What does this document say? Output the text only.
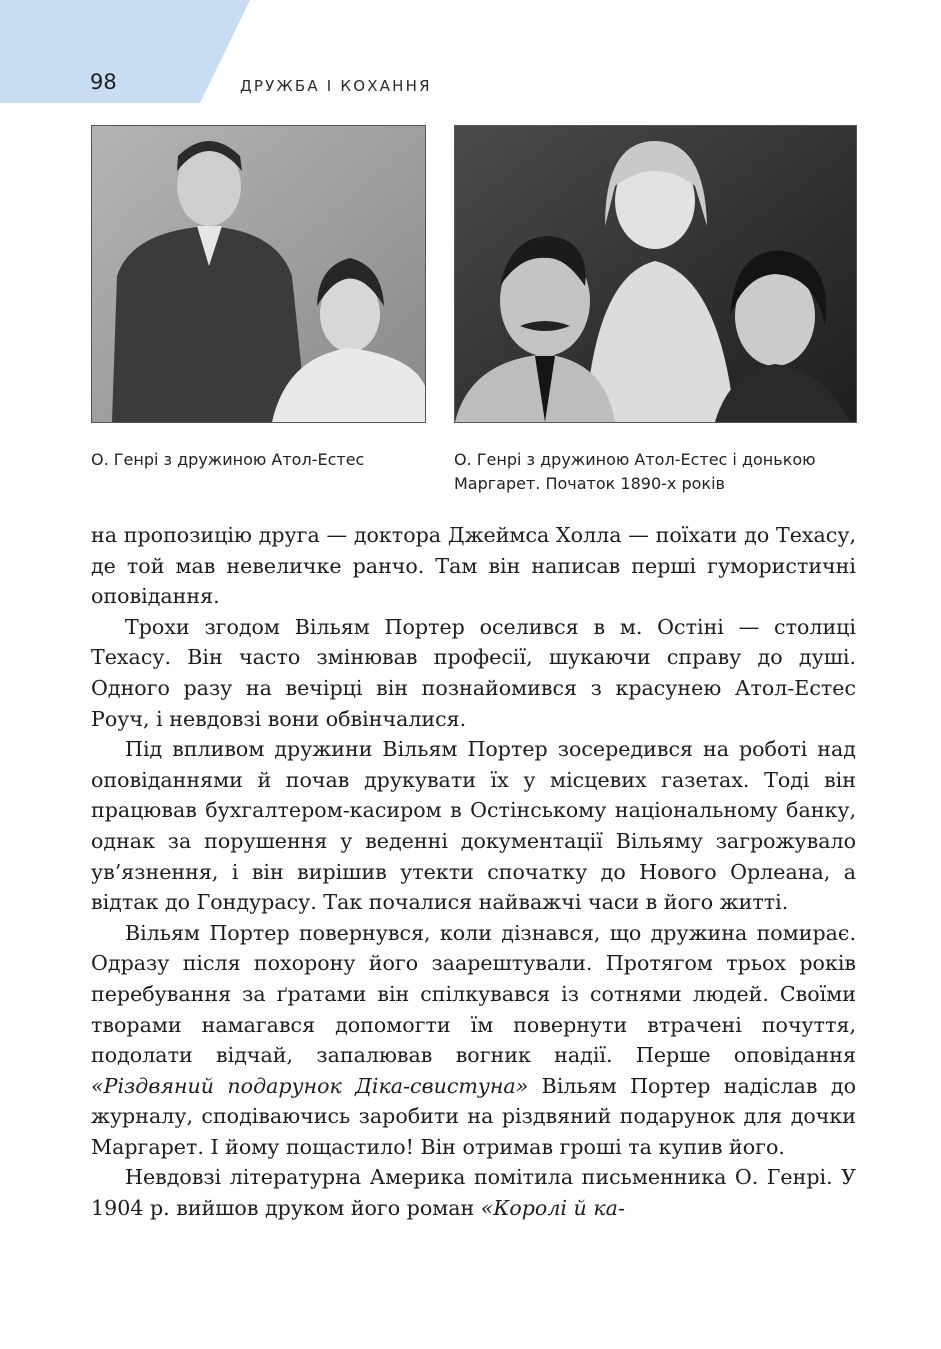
98	ДРУЖБА І КОХАННЯ
О. Генрі з дружиною Атол-Естес	О. Генрі з дружиною Атол-Естес і донькою Маргарет. Початок 1890-х років

на пропозицію друга — доктора Джеймса Холла — поїхати до Техасу, де той мав невеличке ранчо. Там він написав перші гумористичні оповідання.

Трохи згодом Вільям Портер оселився в м. Остіні — столиці Техасу. Він часто змінював професії, шукаючи справу до душі. Одного разу на вечірці він познайомився з красунею Атол-Естес Роуч, і невдовзі вони обвінчалися.

Під впливом дружини Вільям Портер зосередився на роботі над оповіданнями й почав друкувати їх у місцевих газетах. Тоді він працював бухгалтером-касиром в Остінському національному банку, однак за порушення у веденні документації Вільяму загрожувало ув’язнення, і він вирішив утекти спочатку до Нового Орлеана, а відтак до Гондурасу. Так почалися найважчі часи в його житті.

Вільям Портер повернувся, коли дізнався, що дружина помирає. Одразу після похорону його заарештували. Протягом трьох років перебування за ґратами він спілкувався із сотнями людей. Своїми творами намагався допомогти їм повернути втрачені почуття, подолати відчай, запалював вогник надії. Перше оповідання «Різдвяний подарунок Діка-свистуна» Вільям Портер надіслав до журналу, сподіваючись заробити на різдвяний подарунок для дочки Маргарет. І йому пощастило! Він отримав гроші та купив його.

Невдовзі літературна Америка помітила письменника О. Генрі. У 1904 р. вийшов друком його роман «Королі й ка-
